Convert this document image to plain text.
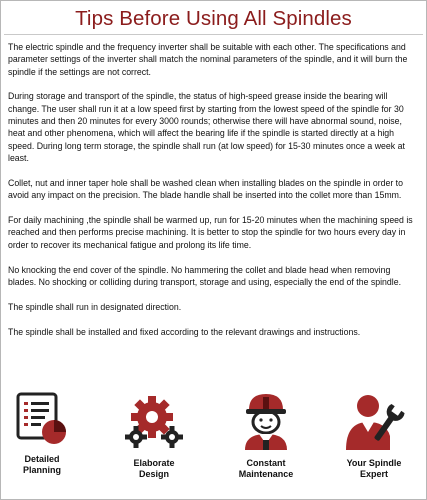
Tips Before Using All Spindles

The electric spindle and the frequency inverter shall be suitable with each other. The specifications and parameter settings of the inverter shall match the nominal parameters of the spindle, and it will burn the spindle if the settings are not correct.

During storage and transport of the spindle, the status of high-speed grease inside the bearing will change. The user shall run it at a low speed first by starting from the lowest speed of the spindle for 30 minutes and then 20 minutes for every 3000 rounds; otherwise there will have abnormal sound, noise, heat and other phenomena, which will affect the bearing life if the spindle is started directly at a high speed. During long term storage, the spindle shall run (at low speed) for 15-30 minutes once a week at least.

Collet, nut and inner taper hole shall be washed clean when installing blades on the spindle in order to avoid any impact on the precision. The blade handle shall be inserted into the collet more than 15mm.

For daily machining ,the spindle shall be warmed up, run for 15-20 minutes when the machining speed is reached and then performs precise machining. It is better to stop the spindle for two hours every day in order to recover its mechanical fatigue and prolong its life time.

No knocking the end cover of the spindle. No hammering the collet and blade head when removing blades. No shocking or colliding during transport, storage and using, especially the end of the spindle.

The spindle shall run in designated direction.

The spindle shall be installed and fixed according to the relevant drawings and instructions.

Detailed
Planning
Elaborate
Design
Constant
Maintenance
Your Spindle
Expert
